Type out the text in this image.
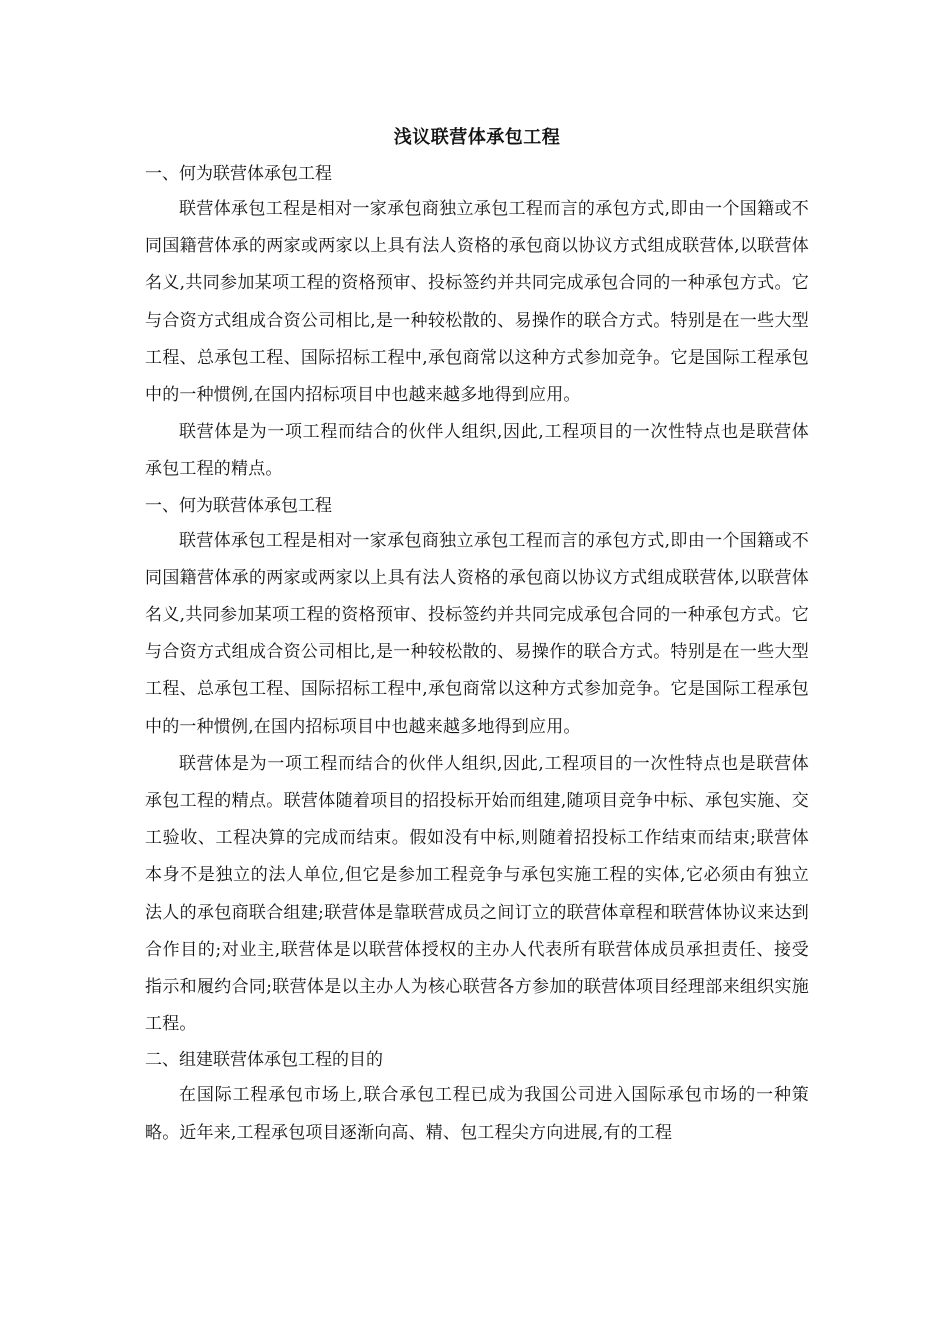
浅议联营体承包工程
一、何为联营体承包工程

联营体承包工程是相对一家承包商独立承包工程而言的承包方式,即由一个国籍或不同国籍营体承的两家或两家以上具有法人资格的承包商以协议方式组成联营体,以联营体名义,共同参加某项工程的资格预审、投标签约并共同完成承包合同的一种承包方式。它与合资方式组成合资公司相比,是一种较松散的、易操作的联合方式。特别是在一些大型工程、总承包工程、国际招标工程中,承包商常以这种方式参加竞争。它是国际工程承包中的一种惯例,在国内招标项目中也越来越多地得到应用。

联营体是为一项工程而结合的伙伴人组织,因此,工程项目的一次性特点也是联营体承包工程的精点。

一、何为联营体承包工程

联营体承包工程是相对一家承包商独立承包工程而言的承包方式,即由一个国籍或不同国籍营体承的两家或两家以上具有法人资格的承包商以协议方式组成联营体,以联营体名义,共同参加某项工程的资格预审、投标签约并共同完成承包合同的一种承包方式。它与合资方式组成合资公司相比,是一种较松散的、易操作的联合方式。特别是在一些大型工程、总承包工程、国际招标工程中,承包商常以这种方式参加竞争。它是国际工程承包中的一种惯例,在国内招标项目中也越来越多地得到应用。

联营体是为一项工程而结合的伙伴人组织,因此,工程项目的一次性特点也是联营体承包工程的精点。联营体随着项目的招投标开始而组建,随项目竞争中标、承包实施、交工验收、工程决算的完成而结束。假如没有中标,则随着招投标工作结束而结束;联营体本身不是独立的法人单位,但它是参加工程竞争与承包实施工程的实体,它必须由有独立法人的承包商联合组建;联营体是靠联营成员之间订立的联营体章程和联营体协议来达到合作目的;对业主,联营体是以联营体授权的主办人代表所有联营体成员承担责任、接受指示和履约合同;联营体是以主办人为核心联营各方参加的联营体项目经理部来组织实施工程。

二、组建联营体承包工程的目的

在国际工程承包市场上,联合承包工程已成为我国公司进入国际承包市场的一种策略。近年来,工程承包项目逐渐向高、精、包工程尖方向进展,有的工程
